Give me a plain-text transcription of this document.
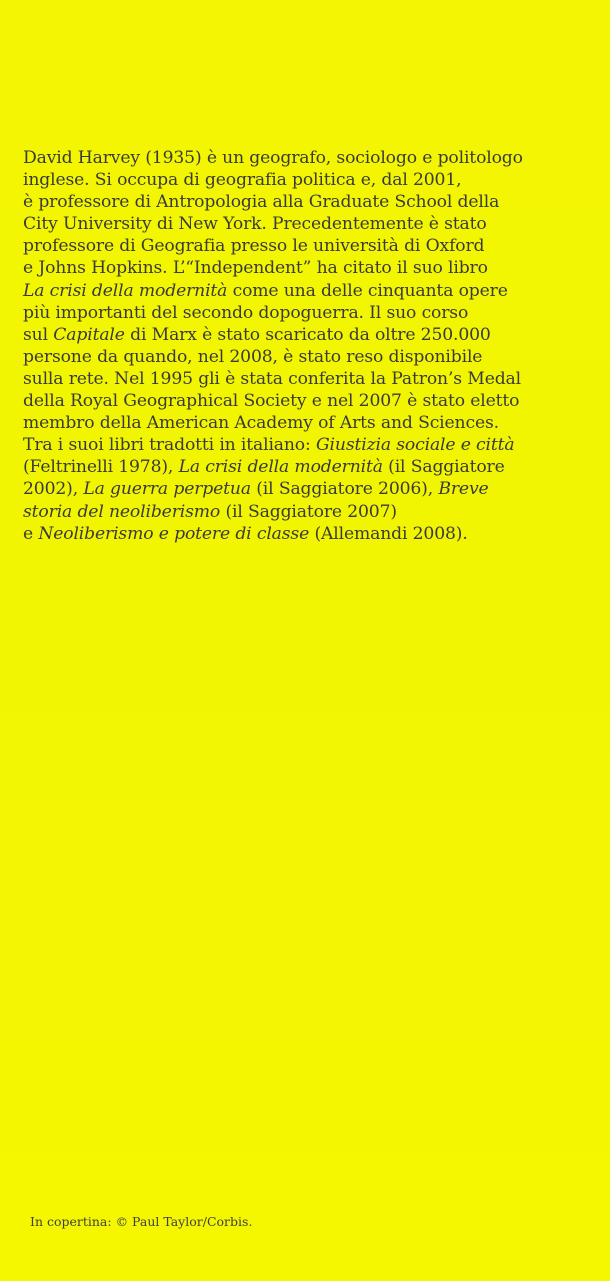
David Harvey (1935) è un geografo, sociologo e politologo
inglese. Si occupa di geografia politica e, dal 2001,
è professore di Antropologia alla Graduate School della
City University di New York. Precedentemente è stato
professore di Geografia presso le università di Oxford
e Johns Hopkins. L’“Independent” ha citato il suo libro
La crisi della modernità come una delle cinquanta opere
più importanti del secondo dopoguerra. Il suo corso
sul Capitale di Marx è stato scaricato da oltre 250.000
persone da quando, nel 2008, è stato reso disponibile
sulla rete. Nel 1995 gli è stata conferita la Patron’s Medal
della Royal Geographical Society e nel 2007 è stato eletto
membro della American Academy of Arts and Sciences.
Tra i suoi libri tradotti in italiano: Giustizia sociale e città
(Feltrinelli 1978), La crisi della modernità (il Saggiatore
2002), La guerra perpetua (il Saggiatore 2006), Breve
storia del neoliberismo (il Saggiatore 2007)
e Neoliberismo e potere di classe (Allemandi 2008).
In copertina: © Paul Taylor/Corbis.
